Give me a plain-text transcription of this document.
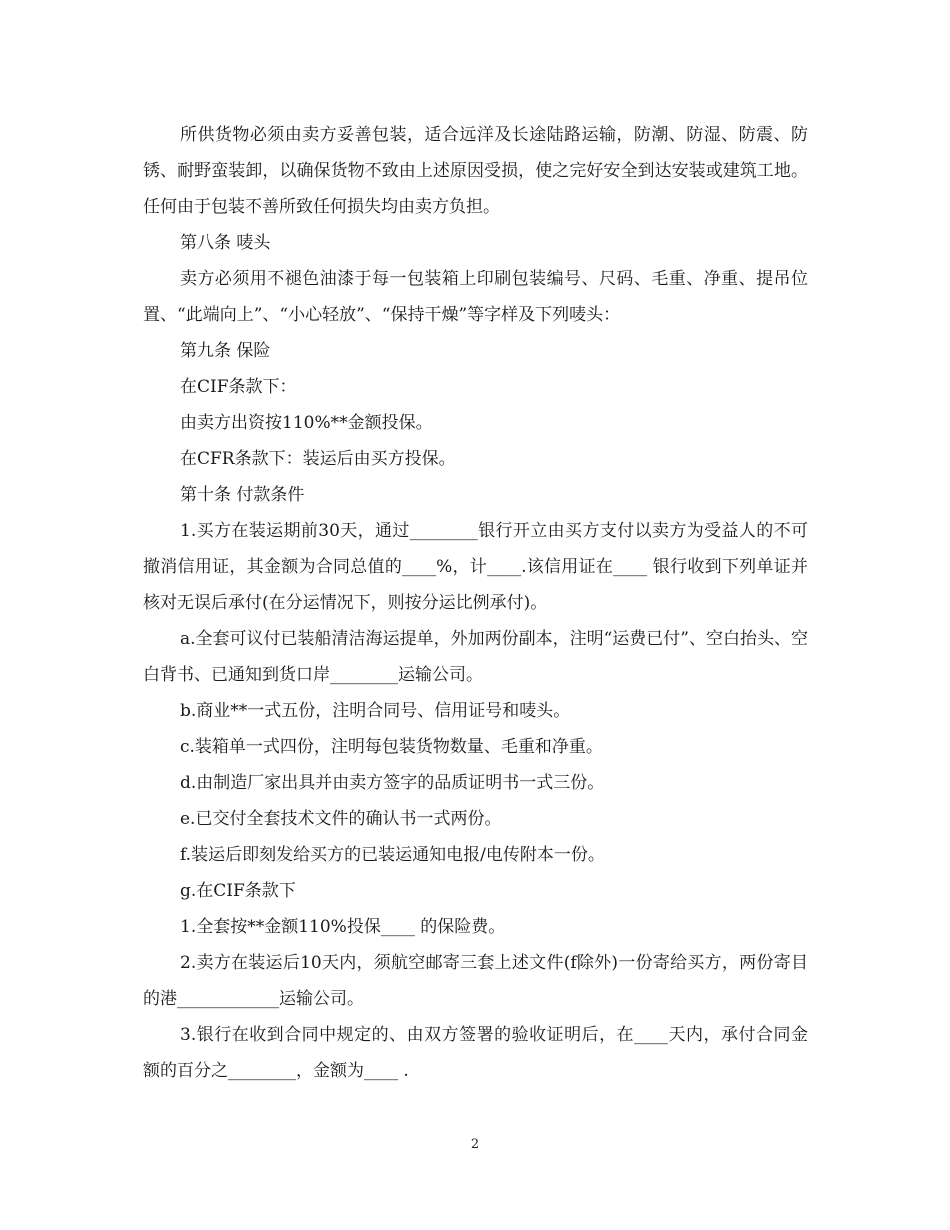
所供货物必须由卖方妥善包装，适合远洋及长途陆路运输，防潮、防湿、防震、防锈、耐野蛮装卸，以确保货物不致由上述原因受损，使之完好安全到达安装或建筑工地。任何由于包装不善所致任何损失均由卖方负担。

第八条 唛头

卖方必须用不褪色油漆于每一包装箱上印刷包装编号、尺码、毛重、净重、提吊位置、“此端向上”、“小心轻放”、“保持干燥”等字样及下列唛头：

第九条 保险

在CIF条款下：

由卖方出资按110%**金额投保。

在CFR条款下：装运后由买方投保。

第十条 付款条件

1.买方在装运期前30天，通过________银行开立由买方支付以卖方为受益人的不可撤消信用证，其金额为合同总值的____%，计____.该信用证在____ 银行收到下列单证并核对无误后承付(在分运情况下，则按分运比例承付)。

a.全套可议付已装船清洁海运提单，外加两份副本，注明“运费已付”、空白抬头、空白背书、已通知到货口岸________运输公司。

b.商业**一式五份，注明合同号、信用证号和唛头。

c.装箱单一式四份，注明每包装货物数量、毛重和净重。

d.由制造厂家出具并由卖方签字的品质证明书一式三份。

e.已交付全套技术文件的确认书一式两份。

f.装运后即刻发给买方的已装运通知电报/电传附本一份。

g.在CIF条款下

1.全套按**金额110%投保____ 的保险费。

2.卖方在装运后10天内，须航空邮寄三套上述文件(f除外)一份寄给买方，两份寄目的港____________运输公司。

3.银行在收到合同中规定的、由双方签署的验收证明后，在____天内，承付合同金额的百分之________，金额为____ .

2
